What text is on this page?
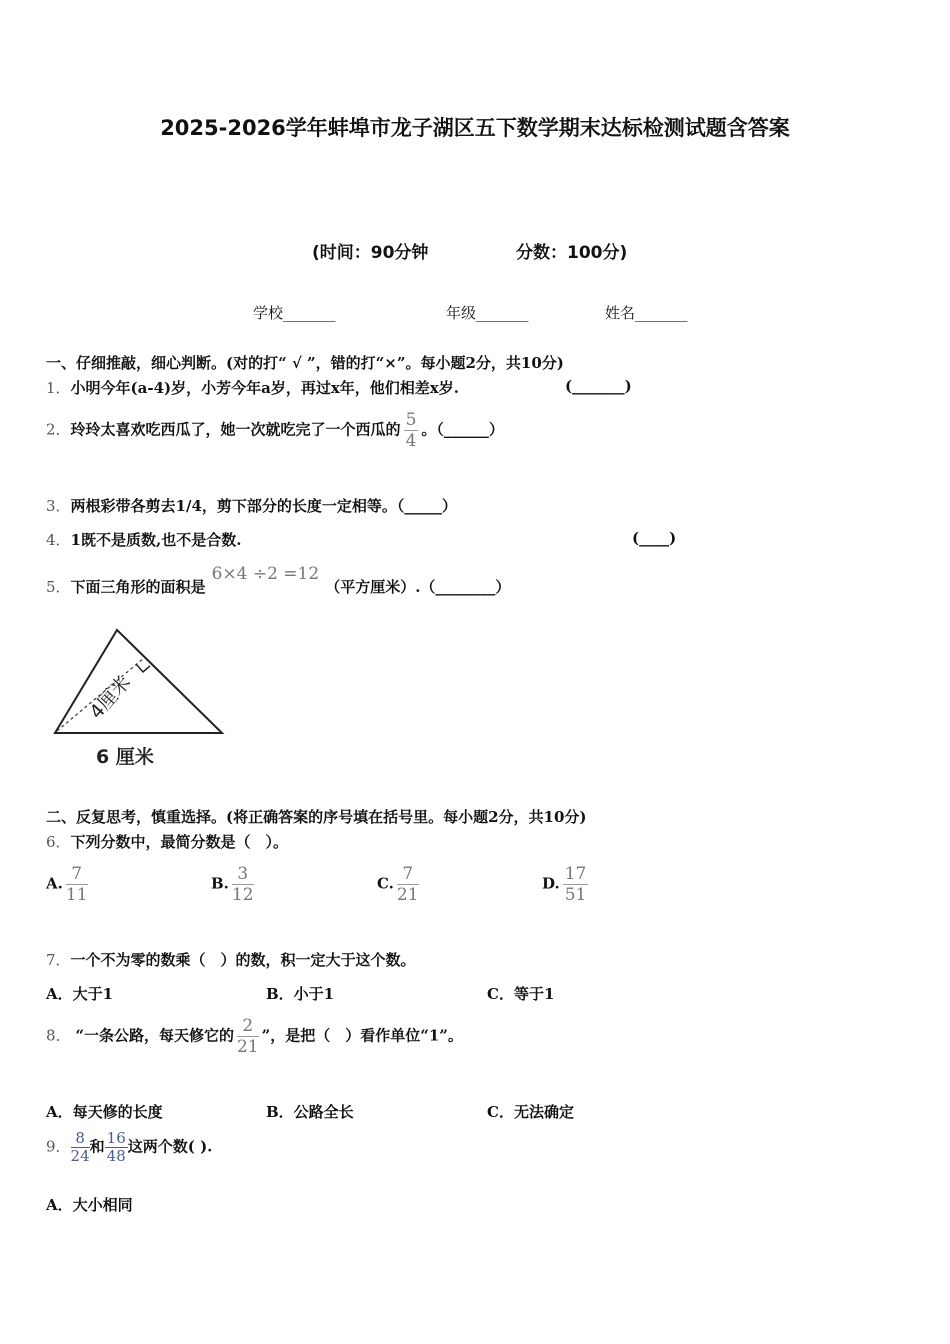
2025-2026学年蚌埠市龙子湖区五下数学期末达标检测试题含答案
(时间：90分钟	分数：100分)
学校_______	年级_______	姓名_______
一、仔细推敲，细心判断。(对的打“ √ ”，错的打“×”。每小题2分，共10分)
1．小明今年(a-4)岁，小芳今年a岁，再过x年，他们相差x岁.	(_______)
2．玲玲太喜欢吃西瓜了，她一次就吃完了一个西瓜的 $\frac{5}{4}$ 。（______）
3．两根彩带各剪去1/4，剪下部分的长度一定相等。（_____）
4．1既不是质数,也不是合数.	(____)
5．下面三角形的面积是6×4 ÷2 =12（平方厘米）.（________）
4厘米
6 厘米
二、反复思考，慎重选择。(将正确答案的序号填在括号里。每小题2分，共10分)
6．下列分数中，最简分数是（　）。
A. $\frac{7}{11}$	B. $\frac{3}{12}$	C. $\frac{7}{21}$	D. $\frac{17}{51}$
7．一个不为零的数乘（　）的数，积一定大于这个数。
A．大于1	B．小于1	C．等于1
8． “一条公路，每天修它的 $\frac{2}{21}$ ”，是把（　）看作单位“1”。
A．每天修的长度	B．公路全长	C．无法确定
9． $\frac{8}{24}$ 和 $\frac{16}{48}$ 这两个数( ).
A．大小相同
